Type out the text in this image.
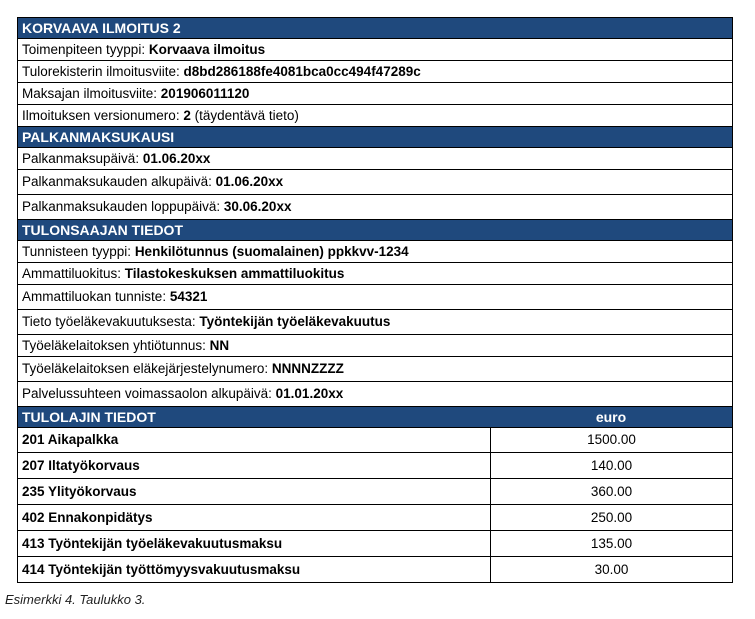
KORVAAVA ILMOITUS 2
Toimenpiteen tyyppi: Korvaava ilmoitus
Tulorekisterin ilmoitusviite: d8bd286188fe4081bca0cc494f47289c
Maksajan ilmoitusviite: 201906011120
Ilmoituksen versionumero: 2 (täydentävä tieto)
PALKANMAKSUKAUSI
Palkanmaksupäivä: 01.06.20xx
Palkanmaksukauden alkupäivä: 01.06.20xx
Palkanmaksukauden loppupäivä: 30.06.20xx
TULONSAAJAN TIEDOT
Tunnisteen tyyppi: Henkilötunnus (suomalainen) ppkkvv-1234
Ammattiluokitus: Tilastokeskuksen ammattiluokitus
Ammattiluokan tunniste: 54321
Tieto työeläkevakuutuksesta: Työntekijän työeläkevakuutus
Työeläkelaitoksen yhtiötunnus: NN
Työeläkelaitoksen eläkejärjestelynumero: NNNNZZZZ
Palvelussuhteen voimassaolon alkupäivä: 01.01.20xx
TULOLAJIN TIEDOT	euro
201 Aikapalkka	1500.00
207 Iltatyökorvaus	140.00
235 Ylityökorvaus	360.00
402 Ennakonpidätys	250.00
413 Työntekijän työeläkevakuutusmaksu	135.00
414 Työntekijän työttömyysvakuutusmaksu	30.00
Esimerkki 4. Taulukko 3.
